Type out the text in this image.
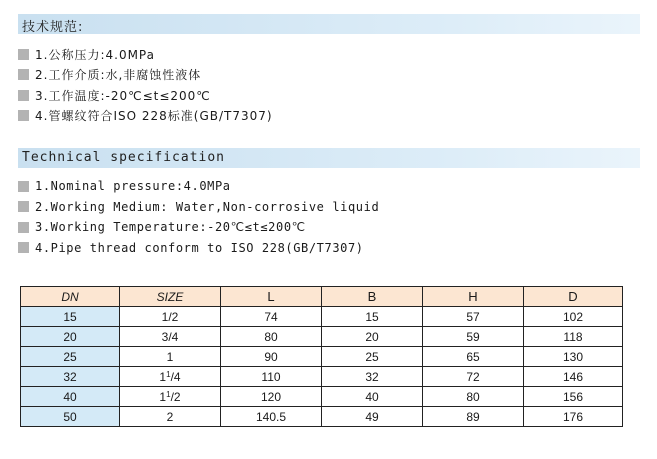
技术规范:
1.公称压力:4.0MPa
2.工作介质:水,非腐蚀性液体
3.工作温度:-20℃≤t≤200℃
4.管螺纹符合ISO 228标准(GB/T7307)
Technical specification
1.Nominal pressure:4.0MPa
2.Working Medium: Water,Non-corrosive liquid
3.Working Temperature:-20℃≤t≤200℃
4.Pipe thread conform to ISO 228(GB/T7307)
DN	SIZE	L	B	H	D
15	1/2	74	15	57	102
20	3/4	80	20	59	118
25	1	90	25	65	130
32	$1^1/4$	110	32	72	146
40	$1^1/2$	120	40	80	156
50	2	140.5	49	89	176
